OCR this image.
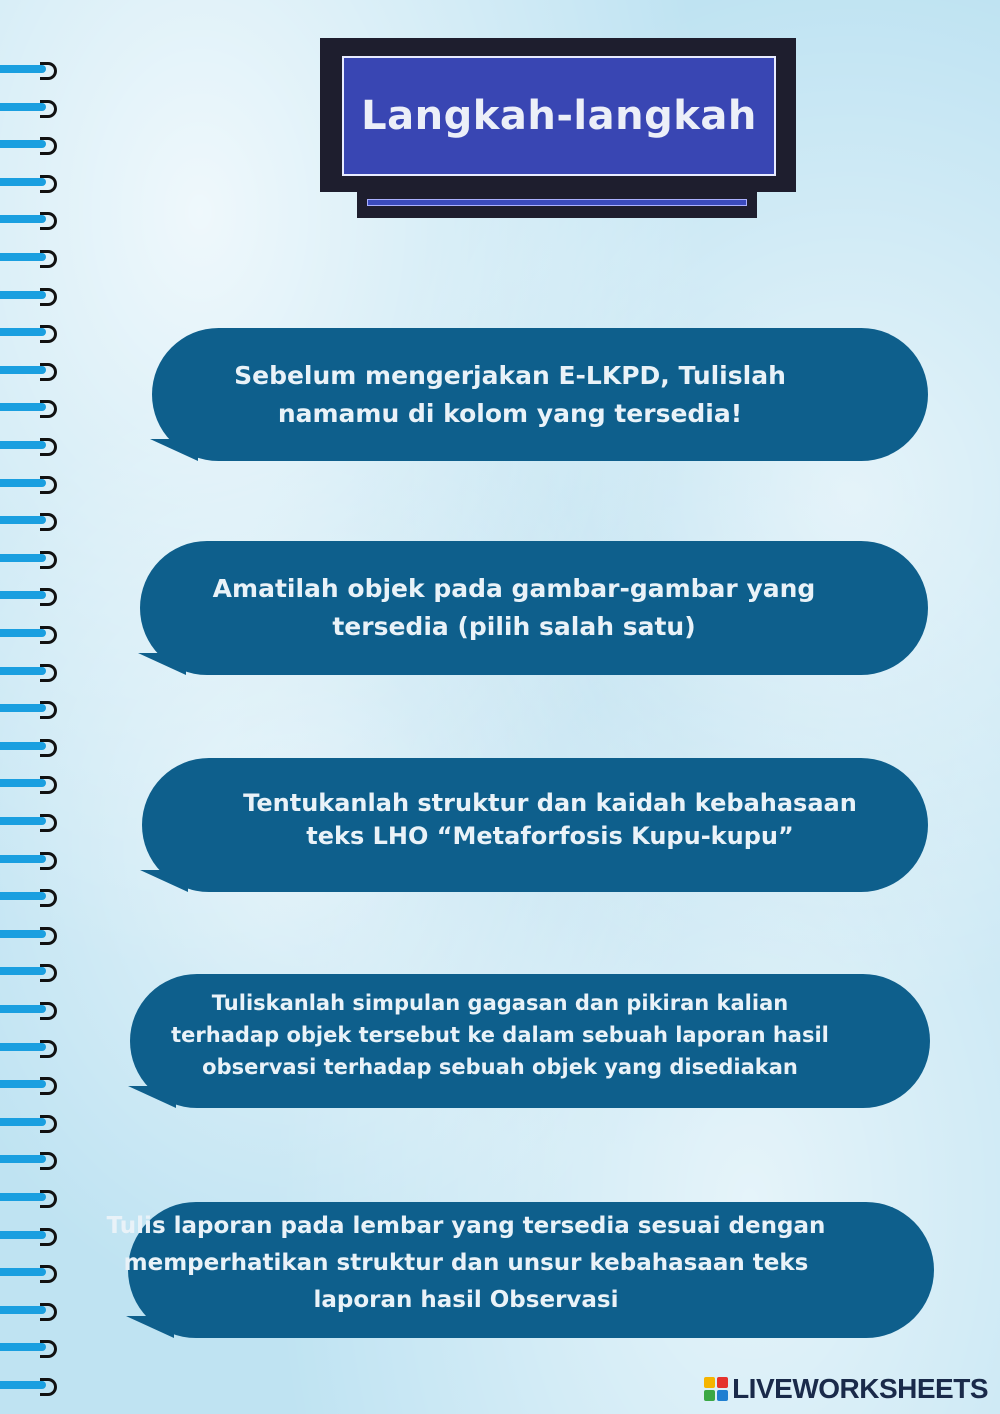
Langkah-langkah
Sebelum mengerjakan E-LKPD, Tulislah
namamu di kolom yang tersedia!
Amatilah objek pada gambar-gambar yang
tersedia (pilih salah satu)
Tentukanlah struktur dan kaidah kebahasaan
teks LHO “Metaforfosis Kupu-kupu”
Tuliskanlah simpulan gagasan dan pikiran kalian
terhadap objek tersebut ke dalam sebuah laporan hasil
observasi terhadap sebuah objek yang disediakan
Tulis laporan pada lembar yang tersedia sesuai dengan
memperhatikan struktur dan unsur kebahasaan teks
laporan hasil Observasi
LIVEWORKSHEETS
